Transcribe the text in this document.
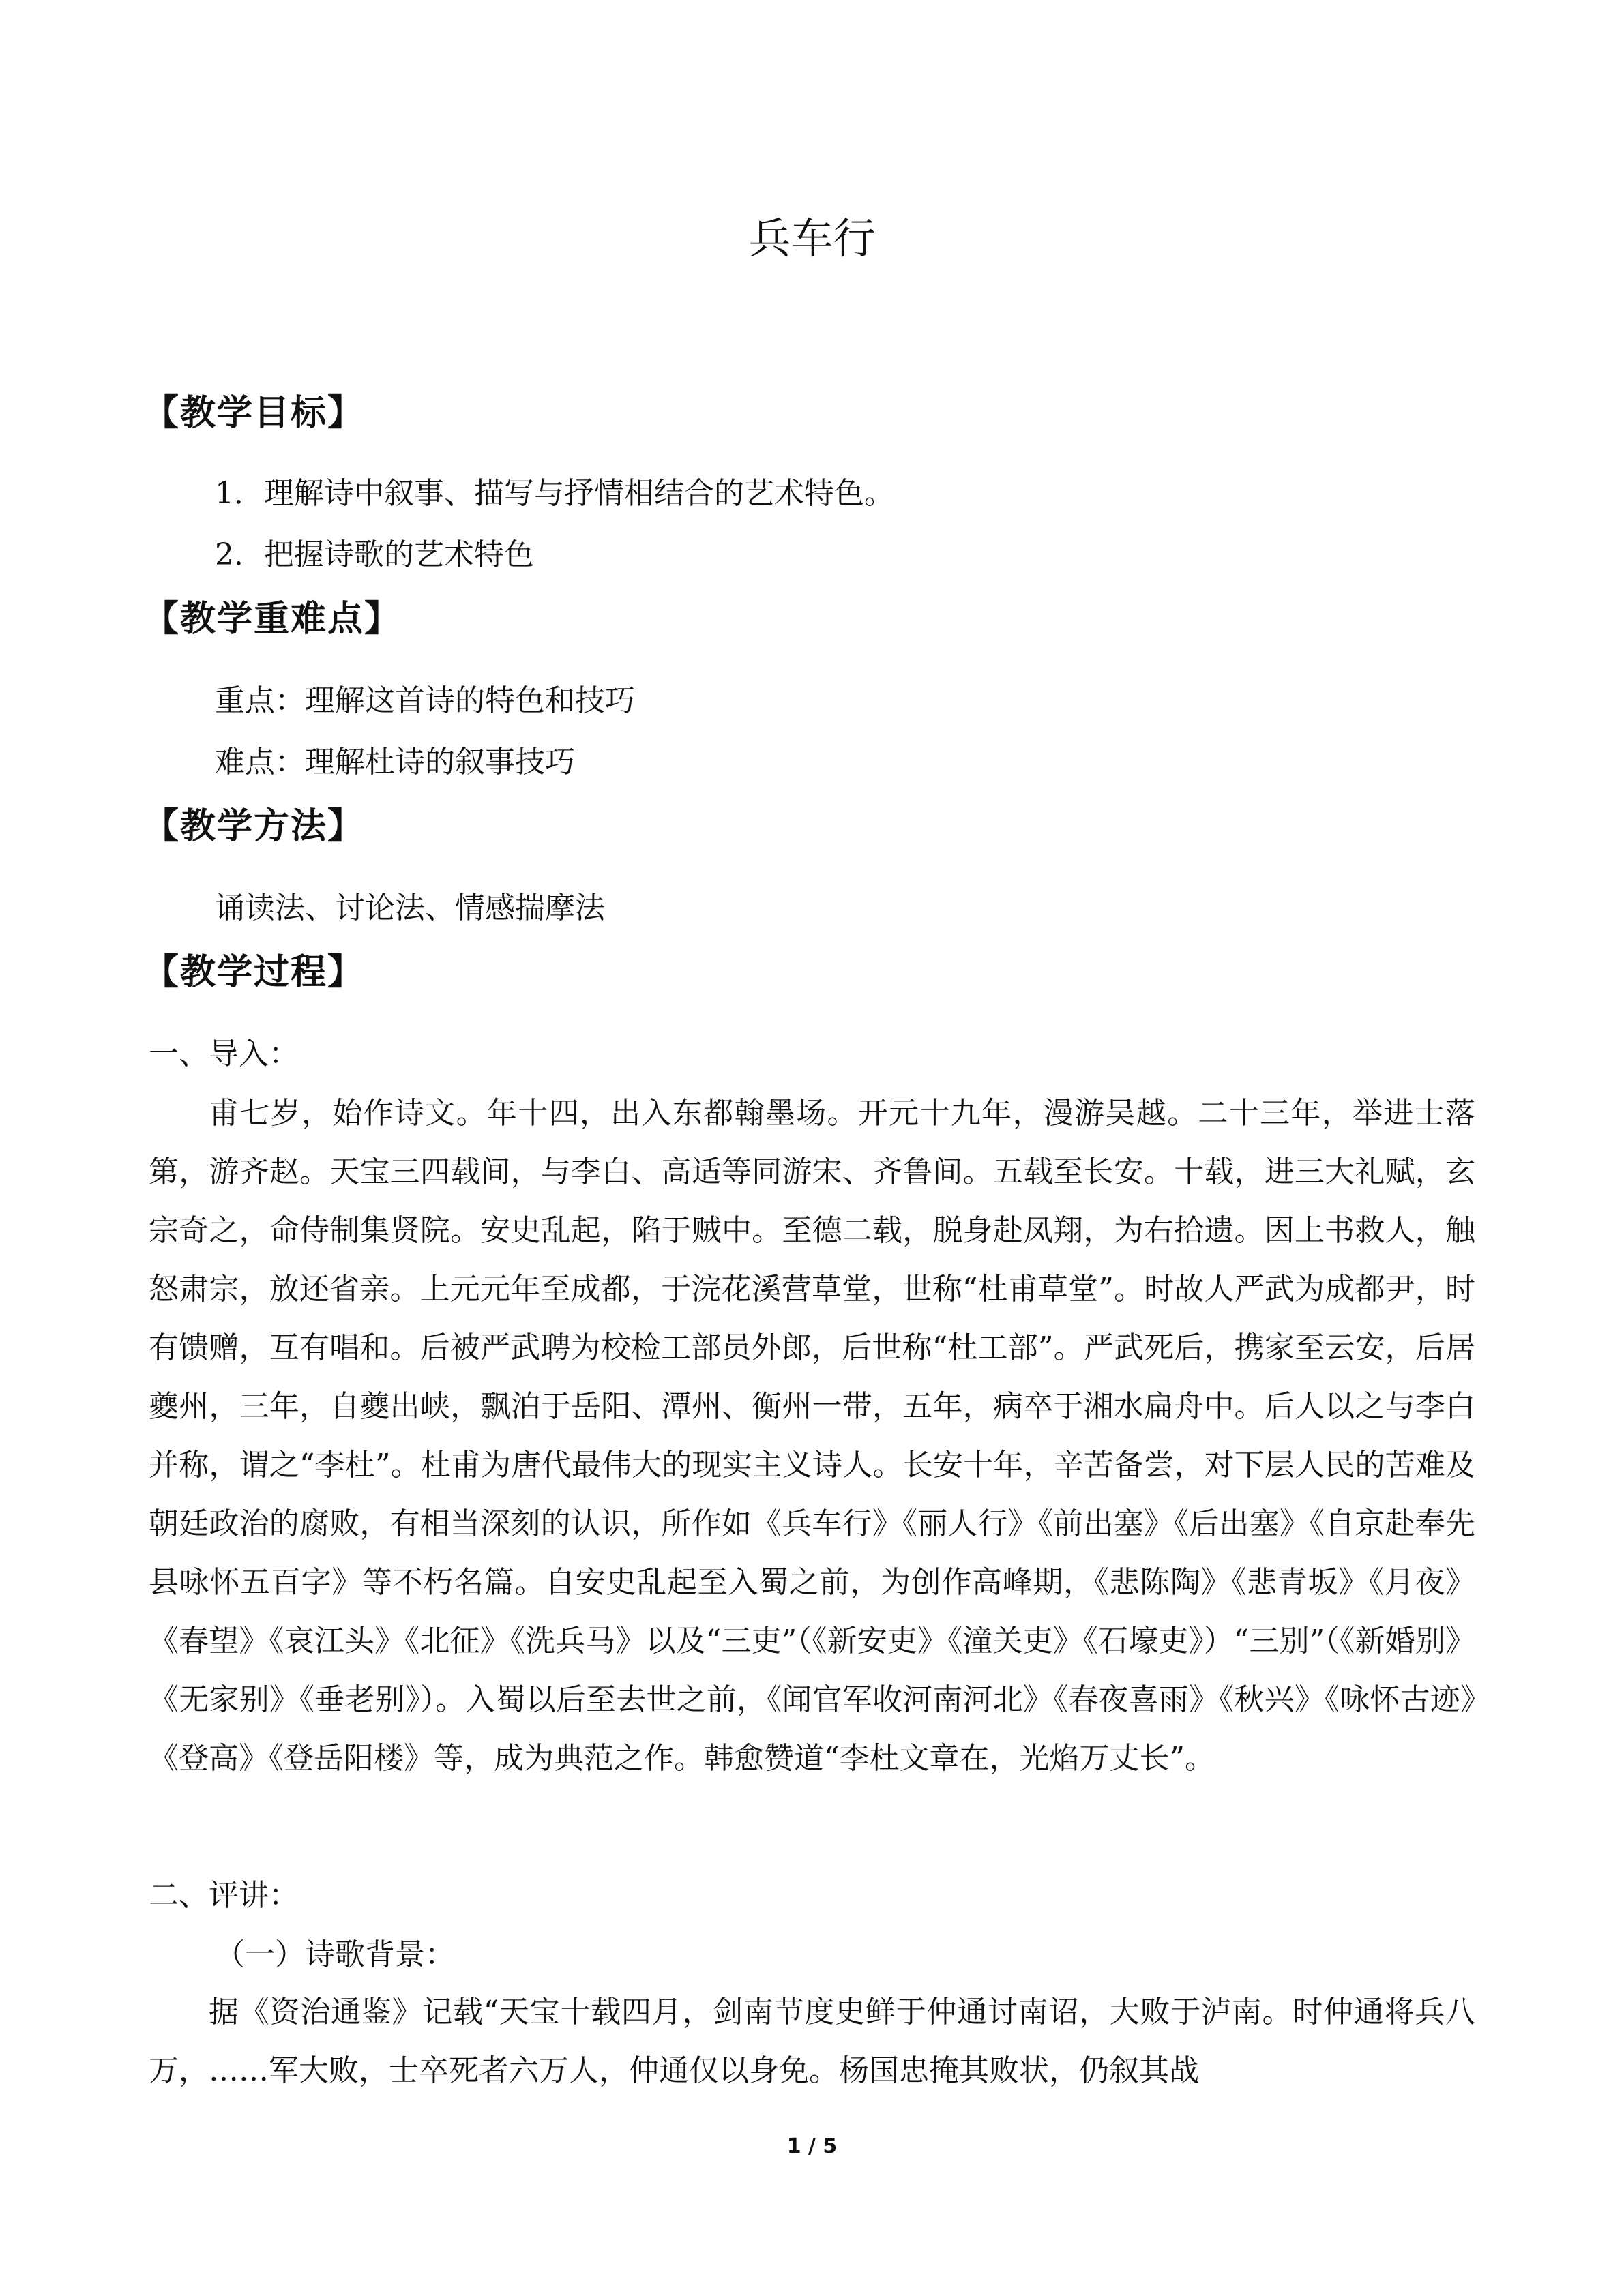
兵车行
【教学目标】
1．理解诗中叙事、描写与抒情相结合的艺术特色。
2．把握诗歌的艺术特色
【教学重难点】
重点：理解这首诗的特色和技巧
难点：理解杜诗的叙事技巧
【教学方法】
诵读法、讨论法、情感揣摩法
【教学过程】
一、导入：
甫七岁，始作诗文。年十四，出入东都翰墨场。开元十九年，漫游吴越。二十三年，举进士落第，游齐赵。天宝三四载间，与李白、高适等同游宋、齐鲁间。五载至长安。十载，进三大礼赋，玄宗奇之，命侍制集贤院。安史乱起，陷于贼中。至德二载，脱身赴凤翔，为右拾遗。因上书救人，触怒肃宗，放还省亲。上元元年至成都，于浣花溪营草堂，世称“杜甫草堂”。时故人严武为成都尹，时有馈赠，互有唱和。后被严武聘为校检工部员外郎，后世称“杜工部”。严武死后，携家至云安，后居夔州，三年，自夔出峡，飘泊于岳阳、潭州、衡州一带，五年，病卒于湘水扁舟中。后人以之与李白并称，谓之“李杜”。杜甫为唐代最伟大的现实主义诗人。长安十年，辛苦备尝，对下层人民的苦难及朝廷政治的腐败，有相当深刻的认识，所作如《兵车行》《丽人行》《前出塞》《后出塞》《自京赴奉先县咏怀五百字》等不朽名篇。自安史乱起至入蜀之前，为创作高峰期，《悲陈陶》《悲青坂》《月夜》《春望》《哀江头》《北征》《洗兵马》以及“三吏”（《新安吏》《潼关吏》《石壕吏》）“三别”（《新婚别》《无家别》《垂老别》）。入蜀以后至去世之前，《闻官军收河南河北》《春夜喜雨》《秋兴》《咏怀古迹》《登高》《登岳阳楼》等，成为典范之作。韩愈赞道“李杜文章在，光焰万丈长”。
二、评讲：
（一）诗歌背景：
据《资治通鉴》记载“天宝十载四月，剑南节度史鲜于仲通讨南诏，大败于泸南。时仲通将兵八万，……军大败，士卒死者六万人，仲通仅以身免。杨国忠掩其败状，仍叙其战
1 / 5
